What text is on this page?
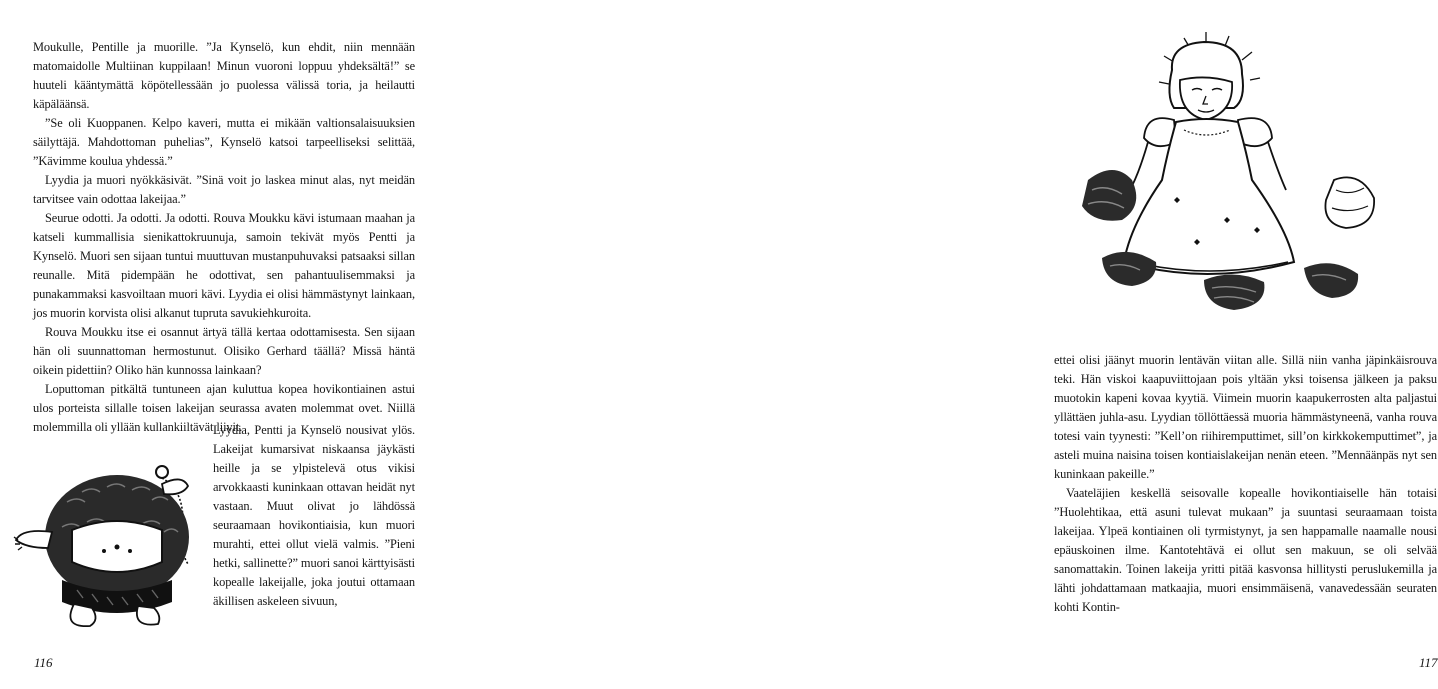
Moukulle, Pentille ja muorille. ”Ja Kynselö, kun ehdit, niin mennään matomaidolle Multiinan kuppilaan! Minun vuoroni loppuu yhdeksältä!” se huuteli kääntymättä köpötellessään jo puolessa välissä toria, ja heilautti käpäläänsä.

”Se oli Kuoppanen. Kelpo kaveri, mutta ei mikään valtionsalaisuuksien säilyttäjä. Mahdottoman puhelias”, Kynselö katsoi tarpeelliseksi selittää, ”Kävimme koulua yhdessä.”

Lyydia ja muori nyökkäsivät. ”Sinä voit jo laskea minut alas, nyt meidän tarvitsee vain odottaa lakeijaa.”

Seurue odotti. Ja odotti. Ja odotti. Rouva Moukku kävi istumaan maahan ja katseli kummallisia sienikattokruunuja, samoin tekivät myös Pentti ja Kynselö. Muori sen sijaan tuntui muuttuvan mustanpuhuvaksi patsaaksi sillan reunalle. Mitä pidempään he odottivat, sen pahantuulisemmaksi ja punakammaksi kasvoiltaan muori kävi. Lyydia ei olisi hämmästynyt lainkaan, jos muorin korvista olisi alkanut tupruta savukiehkuroita.

Rouva Moukku itse ei osannut ärtyä tällä kertaa odottamisesta. Sen sijaan hän oli suunnattoman hermostunut. Olisiko Gerhard täällä? Missä häntä oikein pidettiin? Oliko hän kunnossa lainkaan?

Loputtoman pitkältä tuntuneen ajan kuluttua kopea hovikontiainen astui ulos porteista sillalle toisen lakeijan seurassa avaten molemmat ovet. Niillä molemmilla oli yllään kullankiiltävät liivit.

Lyydia, Pentti ja Kynselö nousivat ylös. Lakeijat kumarsivat niskaansa jäykästi heille ja se ylpistelevä otus vikisi arvokkaasti kuninkaan ottavan heidät nyt vastaan. Muut olivat jo lähdössä seuraamaan hovikontiaisia, kun muori murahti, ettei ollut vielä valmis. ”Pieni hetki, sallinette?” muori sanoi kärttyisästi kopealle lakeijalle, joka joutui ottamaan äkillisen askeleen sivuun,

116

ettei olisi jäänyt muorin lentävän viitan alle. Sillä niin vanha jäpinkäisrouva teki. Hän viskoi kaapuviittojaan pois yltään yksi toisensa jälkeen ja paksu muotokin kapeni kovaa kyytiä. Viimein muorin kaapukerrosten alta paljastui yllättäen juhla-asu. Lyydian töllöttäessä muoria hämmästyneenä, vanha rouva totesi vain tyynesti: ”Kell’on riihiremputtimet, sill’on kirkkokemputtimet”, ja asteli muina naisina toisen kontiaislakeijan nenän eteen. ”Mennäänpäs nyt sen kuninkaan pakeille.”

Vaateläjien keskellä seisovalle kopealle hovikontiaiselle hän totaisi ”Huolehtikaa, että asuni tulevat mukaan” ja suuntasi seuraamaan toista lakeijaa. Ylpeä kontiainen oli tyrmistynyt, ja sen happamalle naamalle nousi epäuskoinen ilme. Kantotehtävä ei ollut sen makuun, se oli selvää sanomattakin. Toinen lakeija yritti pitää kasvonsa hillitysti peruslukemilla ja lähti johdattamaan matkaajia, muori ensimmäisenä, vanavedessään seuraten kohti Kontin-

117
